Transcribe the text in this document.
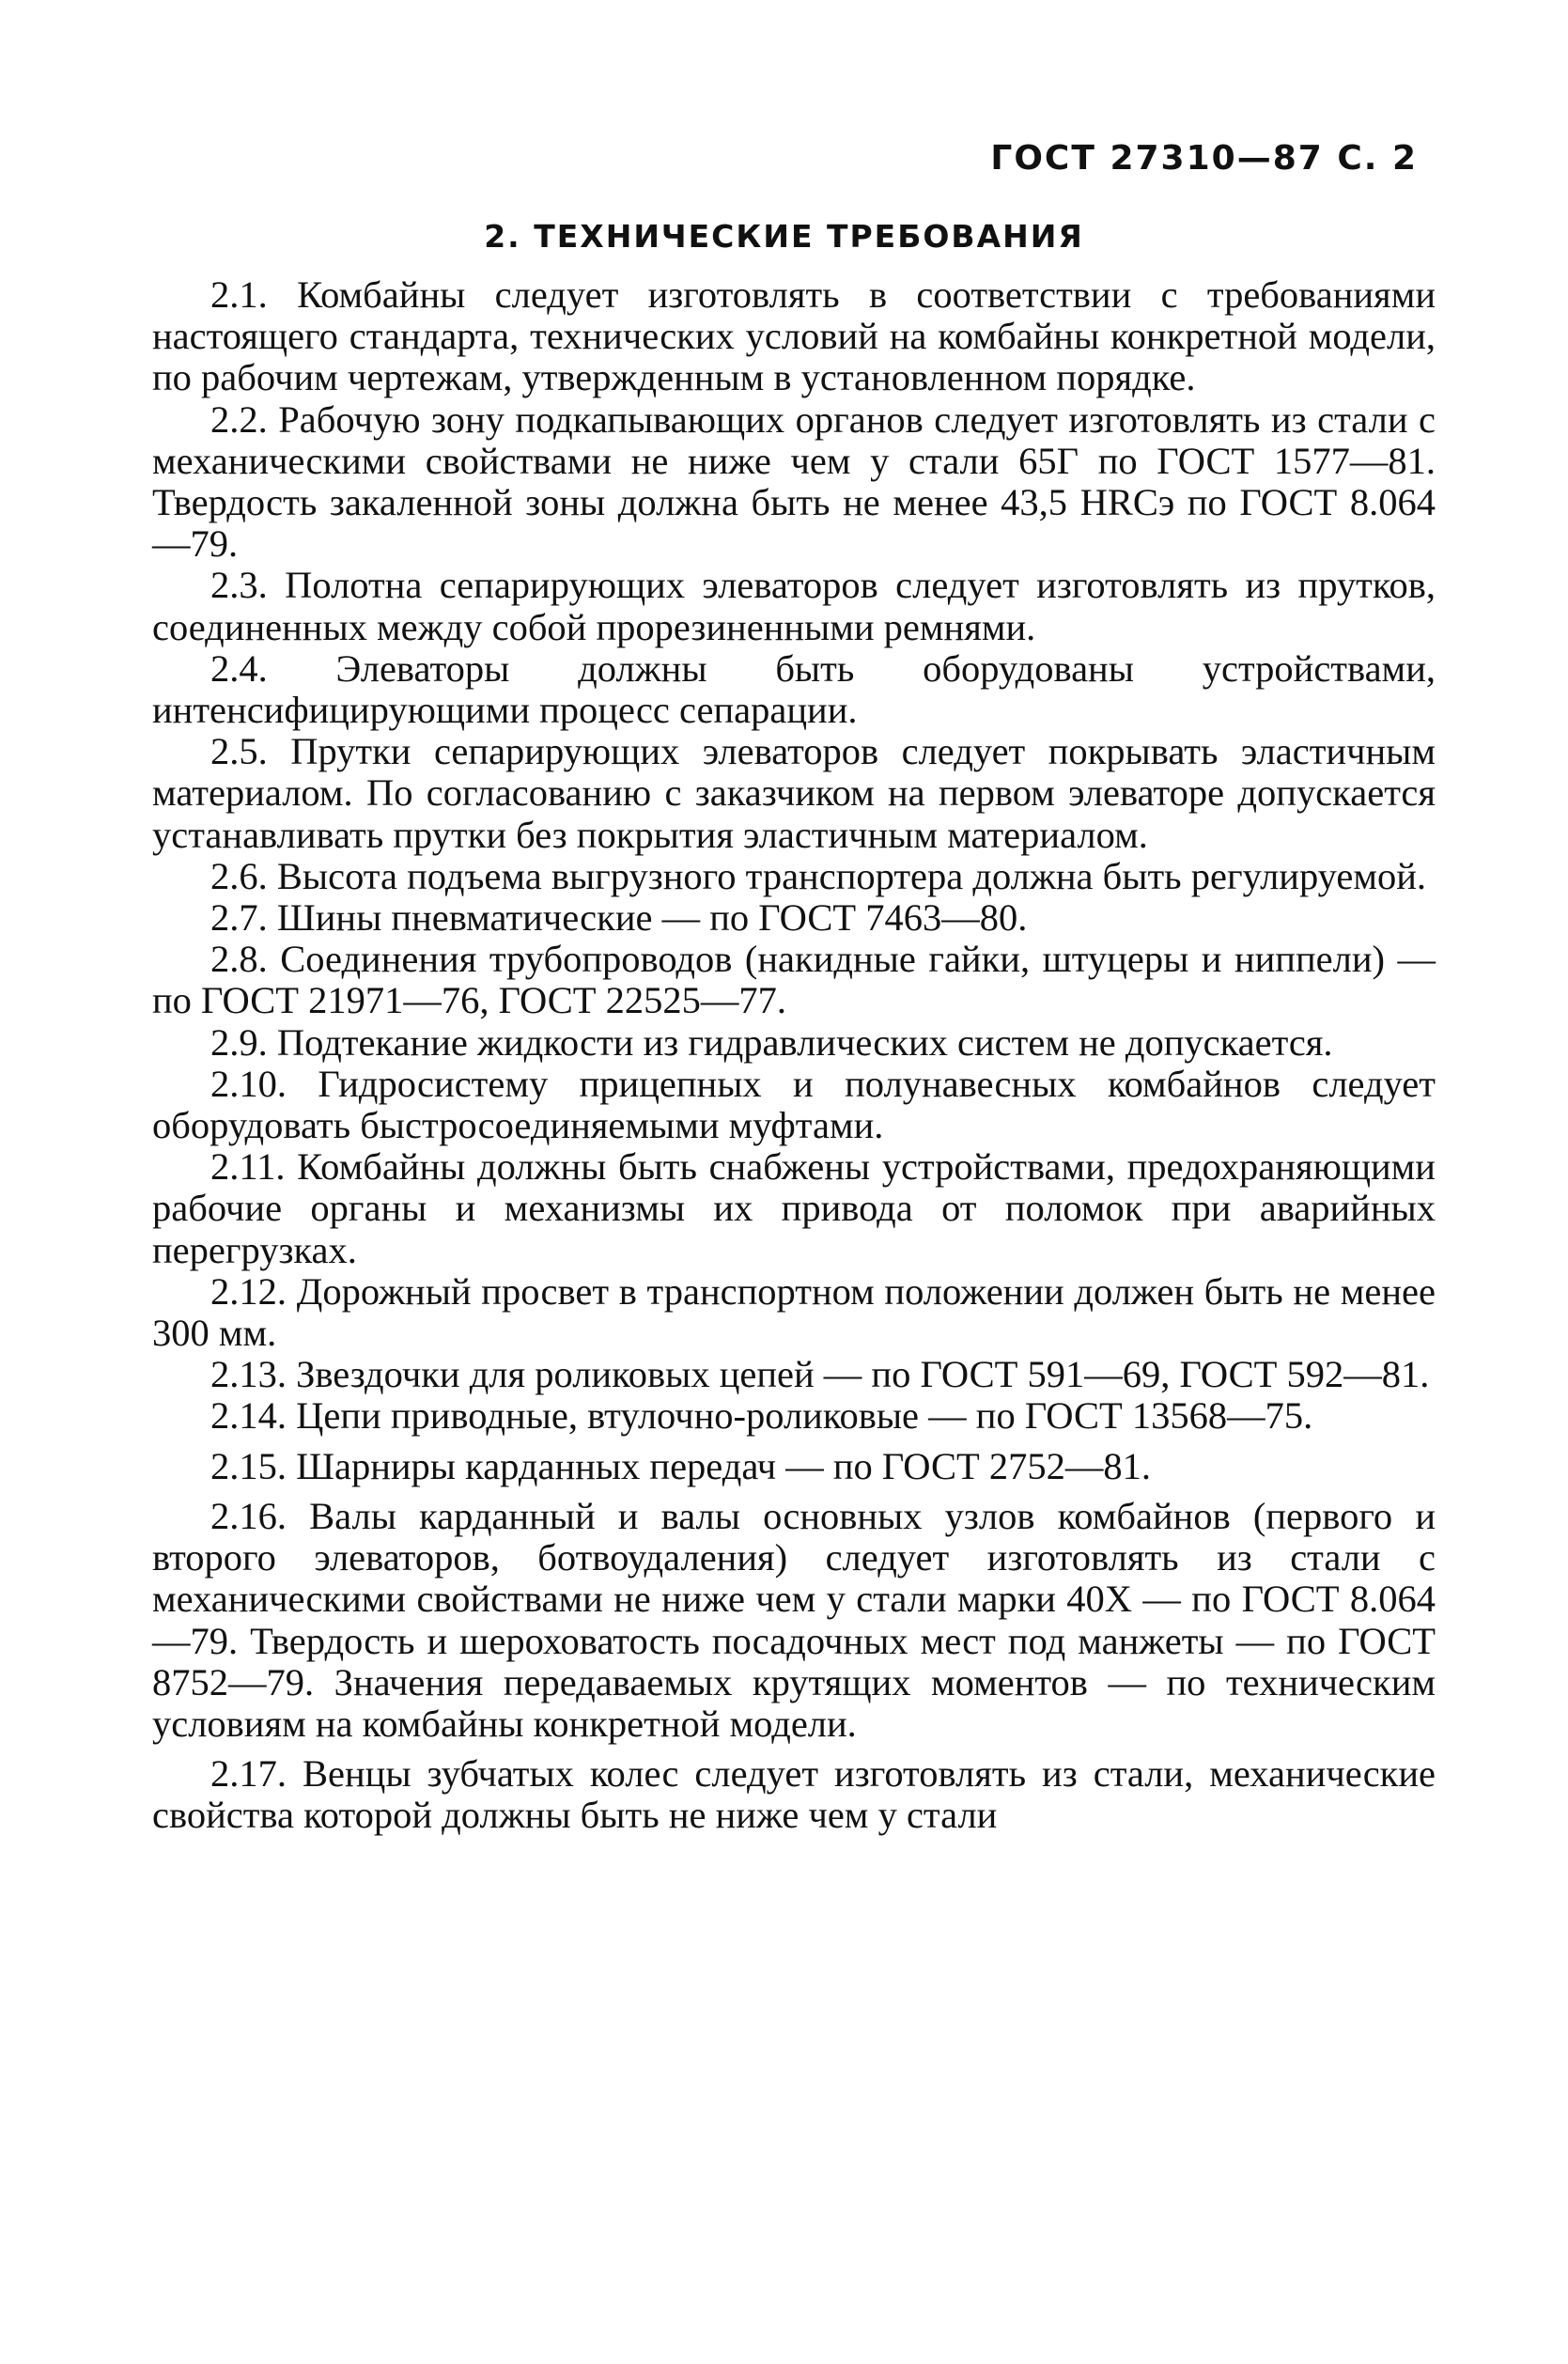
ГОСТ 27310—87 С. 2
2. ТЕХНИЧЕСКИЕ ТРЕБОВАНИЯ

2.1. Комбайны следует изготовлять в соответствии с требованиями настоящего стандарта, технических условий на комбайны конкретной модели, по рабочим чертежам, утвержденным в установленном порядке.

2.2. Рабочую зону подкапывающих органов следует изготовлять из стали с механическими свойствами не ниже чем у стали 65Г по ГОСТ 1577—81. Твердость закаленной зоны должна быть не менее 43,5 HRCэ по ГОСТ 8.064—79.

2.3. Полотна сепарирующих элеваторов следует изготовлять из прутков, соединенных между собой прорезиненными ремнями.

2.4. Элеваторы должны быть оборудованы устройствами, интенсифицирующими процесс сепарации.

2.5. Прутки сепарирующих элеваторов следует покрывать эластичным материалом. По согласованию с заказчиком на первом элеваторе допускается устанавливать прутки без покрытия эластичным материалом.

2.6. Высота подъема выгрузного транспортера должна быть регулируемой.

2.7. Шины пневматические — по ГОСТ 7463—80.

2.8. Соединения трубопроводов (накидные гайки, штуцеры и ниппели) — по ГОСТ 21971—76, ГОСТ 22525—77.

2.9. Подтекание жидкости из гидравлических систем не допускается.

2.10. Гидросистему прицепных и полунавесных комбайнов следует оборудовать быстросоединяемыми муфтами.

2.11. Комбайны должны быть снабжены устройствами, предохраняющими рабочие органы и механизмы их привода от поломок при аварийных перегрузках.

2.12. Дорожный просвет в транспортном положении должен быть не менее 300 мм.

2.13. Звездочки для роликовых цепей — по ГОСТ 591—69, ГОСТ 592—81.

2.14. Цепи приводные, втулочно-роликовые — по ГОСТ 13568—75.

2.15. Шарниры карданных передач — по ГОСТ 2752—81.

2.16. Валы карданный и валы основных узлов комбайнов (первого и второго элеваторов, ботвоудаления) следует изготовлять из стали с механическими свойствами не ниже чем у стали марки 40Х — по ГОСТ 8.064—79. Твердость и шероховатость посадочных мест под манжеты — по ГОСТ 8752—79. Значения передаваемых крутящих моментов — по техническим условиям на комбайны конкретной модели.

2.17. Венцы зубчатых колес следует изготовлять из стали, механические свойства которой должны быть не ниже чем у стали
